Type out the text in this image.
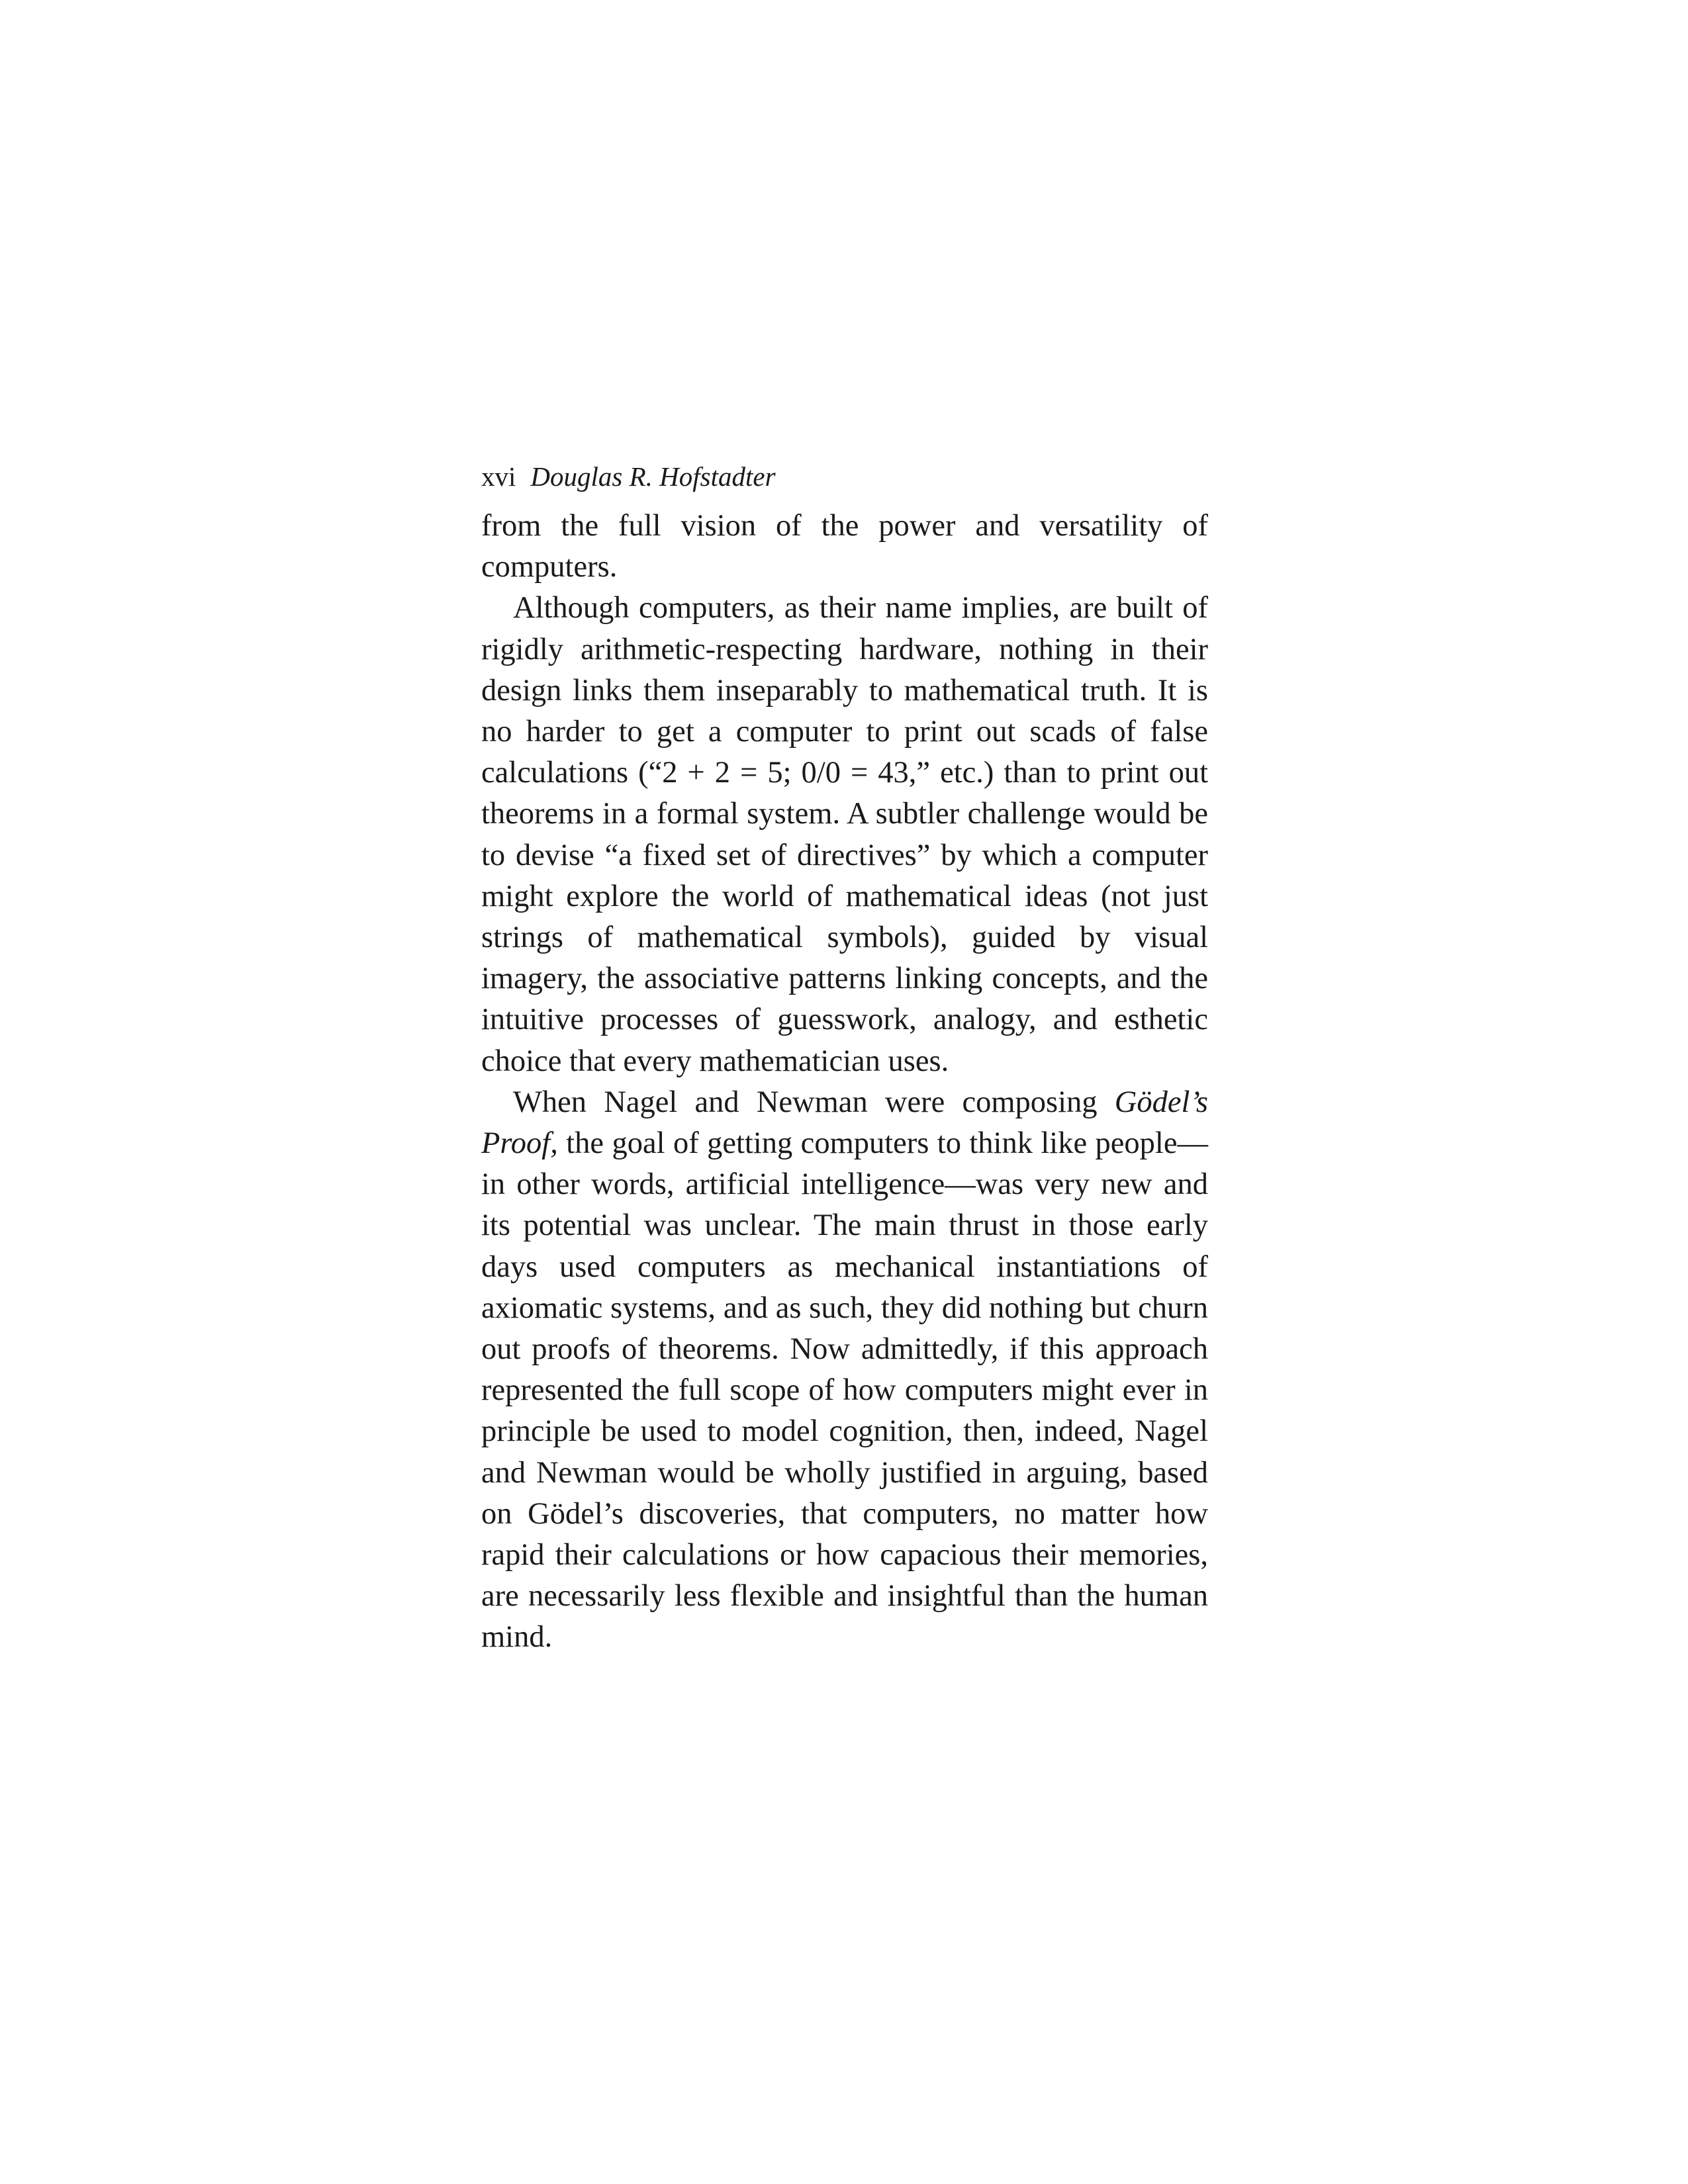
xvi Douglas R. Hofstadter

from the full vision of the power and versatility of computers.

Although computers, as their name implies, are built of rigidly arithmetic-respecting hardware, nothing in their design links them inseparably to mathematical truth. It is no harder to get a computer to print out scads of false calculations (“2 + 2 = 5; 0/0 = 43,” etc.) than to print out theorems in a formal system. A subtler challenge would be to devise “a fixed set of directives” by which a computer might explore the world of mathematical ideas (not just strings of mathematical symbols), guided by visual imagery, the associative patterns linking concepts, and the intuitive processes of guesswork, analogy, and esthetic choice that every mathematician uses.

When Nagel and Newman were composing Gödel’s Proof, the goal of getting computers to think like people—in other words, artificial intelligence—was very new and its potential was unclear. The main thrust in those early days used computers as mechanical instantiations of axiomatic systems, and as such, they did nothing but churn out proofs of theorems. Now admittedly, if this approach represented the full scope of how computers might ever in principle be used to model cognition, then, indeed, Nagel and Newman would be wholly justified in arguing, based on Gödel’s discoveries, that computers, no matter how rapid their calculations or how capacious their memories, are necessarily less flexible and insightful than the human mind.
